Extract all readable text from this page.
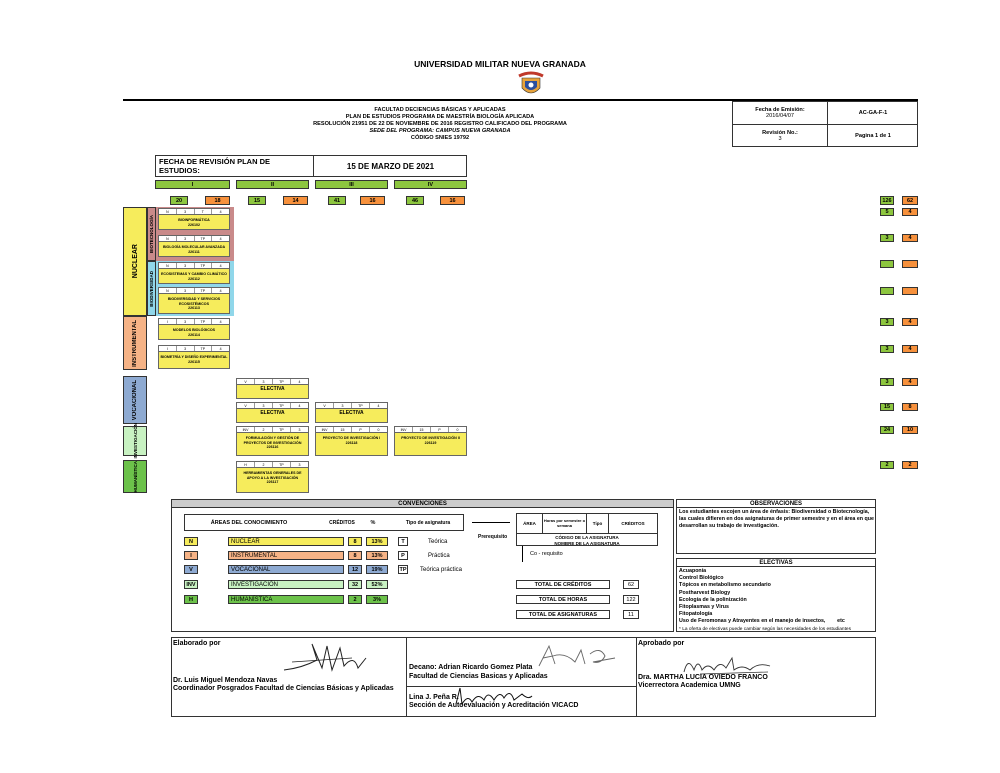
UNIVERSIDAD MILITAR NUEVA GRANADA
FACULTAD DECIENCIAS BÁSICAS Y APLICADAS
PLAN DE ESTUDIOS PROGRAMA DE MAESTRÍA BIOLOGÍA APLICADA
RESOLUCIÓN 21951 DE 22 DE NOVIEMBRE DE 2016 REGISTRO CALIFICADO DEL PROGRAMA
SEDE DEL PROGRAMA: CAMPUS NUEVA GRANADA
CÓDIGO SNIES 19792
Fecha de Emisión:
2016/04/07	AC-GA-F-1
Revisión No.:
3	Pagina 1 de 1
FECHA DE REVISIÓN PLAN DE ESTUDIOS:	15 DE MARZO DE 2021
I	II	III	IV
20	18	15	14	41	16	46	16	126	62
NUCLEAR
BIOTECNOLOGÍA
BIODIVERSIDAD
INSTRUMENTAL
VOCACIONAL
INVESTIGACIÓN
HUMANÍSTICA
N	3	T	4
BIOINFORMÁTICA
226102
N	3	TP	4
BIOLOGÍA MOLECULAR AVANZADA
226111
N	3	TP	4
ECOSISTEMAS Y CAMBIO CLIMÁTICO
226112
N	3	TP	4
BIODIVERSIDAD Y SERVICIOS ECOSISTÉMICOS
226113
I	3	TP	4
MODELOS BIOLÓGICOS
226114
I	3	TP	4
BIOMETRÍA Y DISEÑO EXPERIMENTAL
226115
V	3	TP	4
ELECTIVA
V	3	TP	4
ELECTIVA
V	3	TP	4
ELECTIVA
INV	2	TP	3
FORMULACIÓN Y GESTIÓN DE PROYECTOS DE INVESTIGACIÓN
226116
INV	15	P	0
PROYECTO DE INVESTIGACIÓN I
226118
INV	15	P	0
PROYECTO DE INVESTIGACIÓN II
226119
H	2	TP	3
HERRAMIENTAS GENERALES DE APOYO A LA INVESTIGACIÓN
226117
5	4
3	4
3	4
3	4
3	4
15	8
24	10
2	2
CONVENCIONES
ÁREAS DEL CONOCIMIENTO	CRÉDITOS	%	Tipo de asignatura
N	NUCLEAR	8	13%
I	INSTRUMENTAL	8	13%
V	VOCACIONAL	12	19%
INV	INVESTIGACIÓN	32	52%
H	HUMANÍSTICA	2	3%
T	Teórica
P	Práctica
TP Teórica práctica
Prerequisito
Co - requisito
ÁREA
Horas por semestre o semana	Tipo	CRÉDITOS
CÓDIGO DE LA ASIGNATURA
NOMBRE DE LA ASIGNATURA
TOTAL DE CRÉDITOS	62
TOTAL DE HORAS	122
TOTAL DE ASIGNATURAS	11
OBSERVACIONES
Los estudiantes escojen un área de énfasis: Biodiversidad o Biotecnología, las cuales difieren en dos asignaturas de primer semestre y en el área en que desarrollan su trabajo de investigación.
ELECTIVAS
Acuaponía
Control Biológico
Tópicos en metabolismo secundario
Postharvest Biology
Ecología de la polinización
Fitoplasmas y Virus
Fitopatología
Uso de Feromonas y Atrayentes en el manejo de insectos,        etc
* La oferta de electivas puede cambiar según las necesidades de los estudiantes
Elaborado por
Dr. Luis Miguel Mendoza Navas
Coordinador Posgrados Facultad de Ciencias Básicas y Aplicadas
Decano: Adrian Ricardo Gomez Plata
Facultad de Ciencias Basicas y Aplicadas
Lina J. Peña R.
Sección de Autoevaluación y Acreditación VICACD
Aprobado por
Dra. MARTHA LUCIA OVIEDO FRANCO
Vicerrectora Academica UMNG
